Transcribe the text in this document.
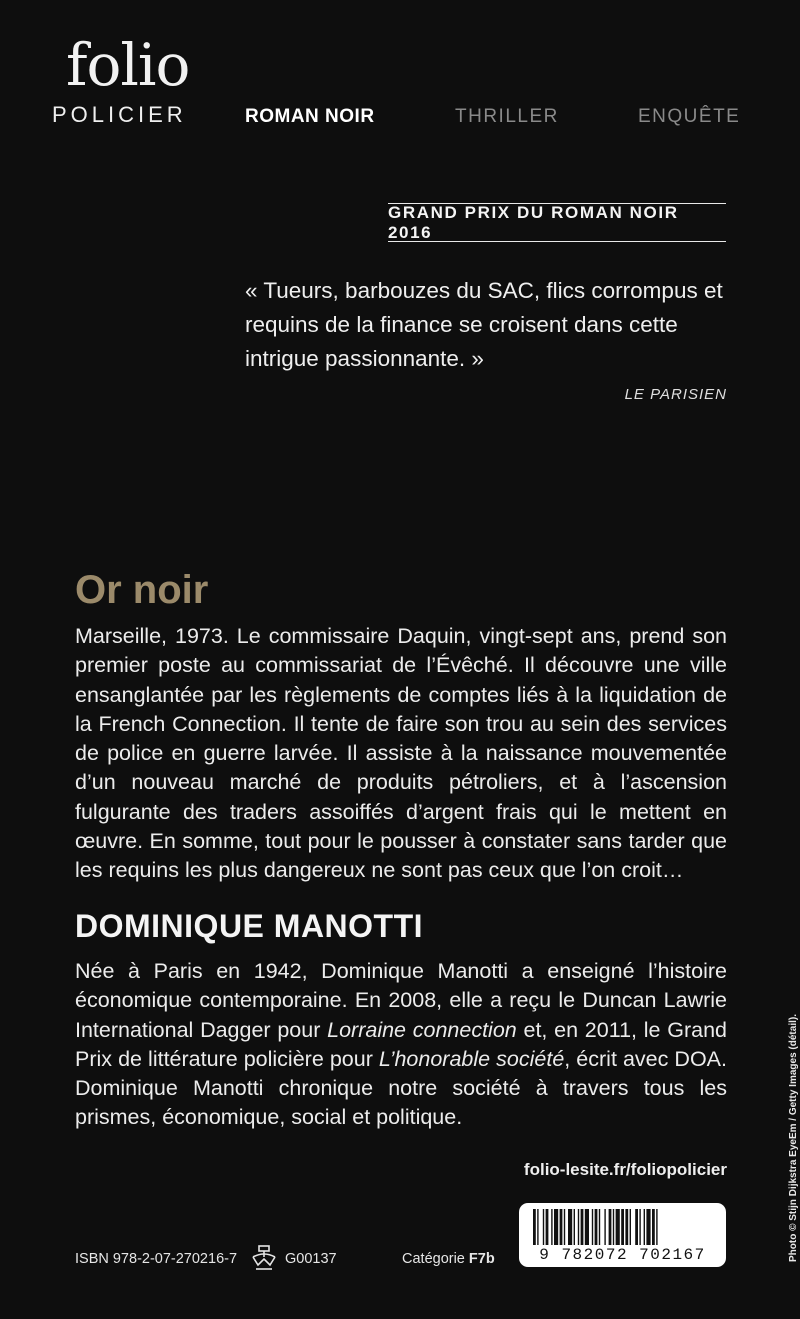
folio
POLICIER	ROMAN NOIR	THRILLER	ENQUÊTE
GRAND PRIX DU ROMAN NOIR 2016
« Tueurs, barbouzes du SAC, flics corrompus et requins de la finance se croisent dans cette intrigue passionnante. »
LE PARISIEN
Or noir

Marseille, 1973. Le commissaire Daquin, vingt-sept ans, prend son premier poste au commissariat de l’Évêché. Il découvre une ville ensanglantée par les règlements de comptes liés à la liquidation de la French Connection. Il tente de faire son trou au sein des services de police en guerre larvée. Il assiste à la naissance mouvementée d’un nouveau marché de produits pétroliers, et à l’ascension fulgurante des traders assoiffés d’argent frais qui le mettent en œuvre. En somme, tout pour le pousser à constater sans tarder que les requins les plus dangereux ne sont pas ceux que l’on croit…

DOMINIQUE MANOTTI

Née à Paris en 1942, Dominique Manotti a enseigné l’histoire économique contemporaine. En 2008, elle a reçu le Duncan Lawrie International Dagger pour Lorraine connection et, en 2011, le Grand Prix de littérature policière pour L’honorable société, écrit avec DOA. Dominique Manotti chronique notre société à travers tous les prismes, économique, social et politique.

folio-lesite.fr/foliopolicier
ISBN 978-2-07-270216-7	G00137	Catégorie F7b	9 782072 702167	Photo © Stijn Dijkstra EyeEm / Getty Images (détail).
